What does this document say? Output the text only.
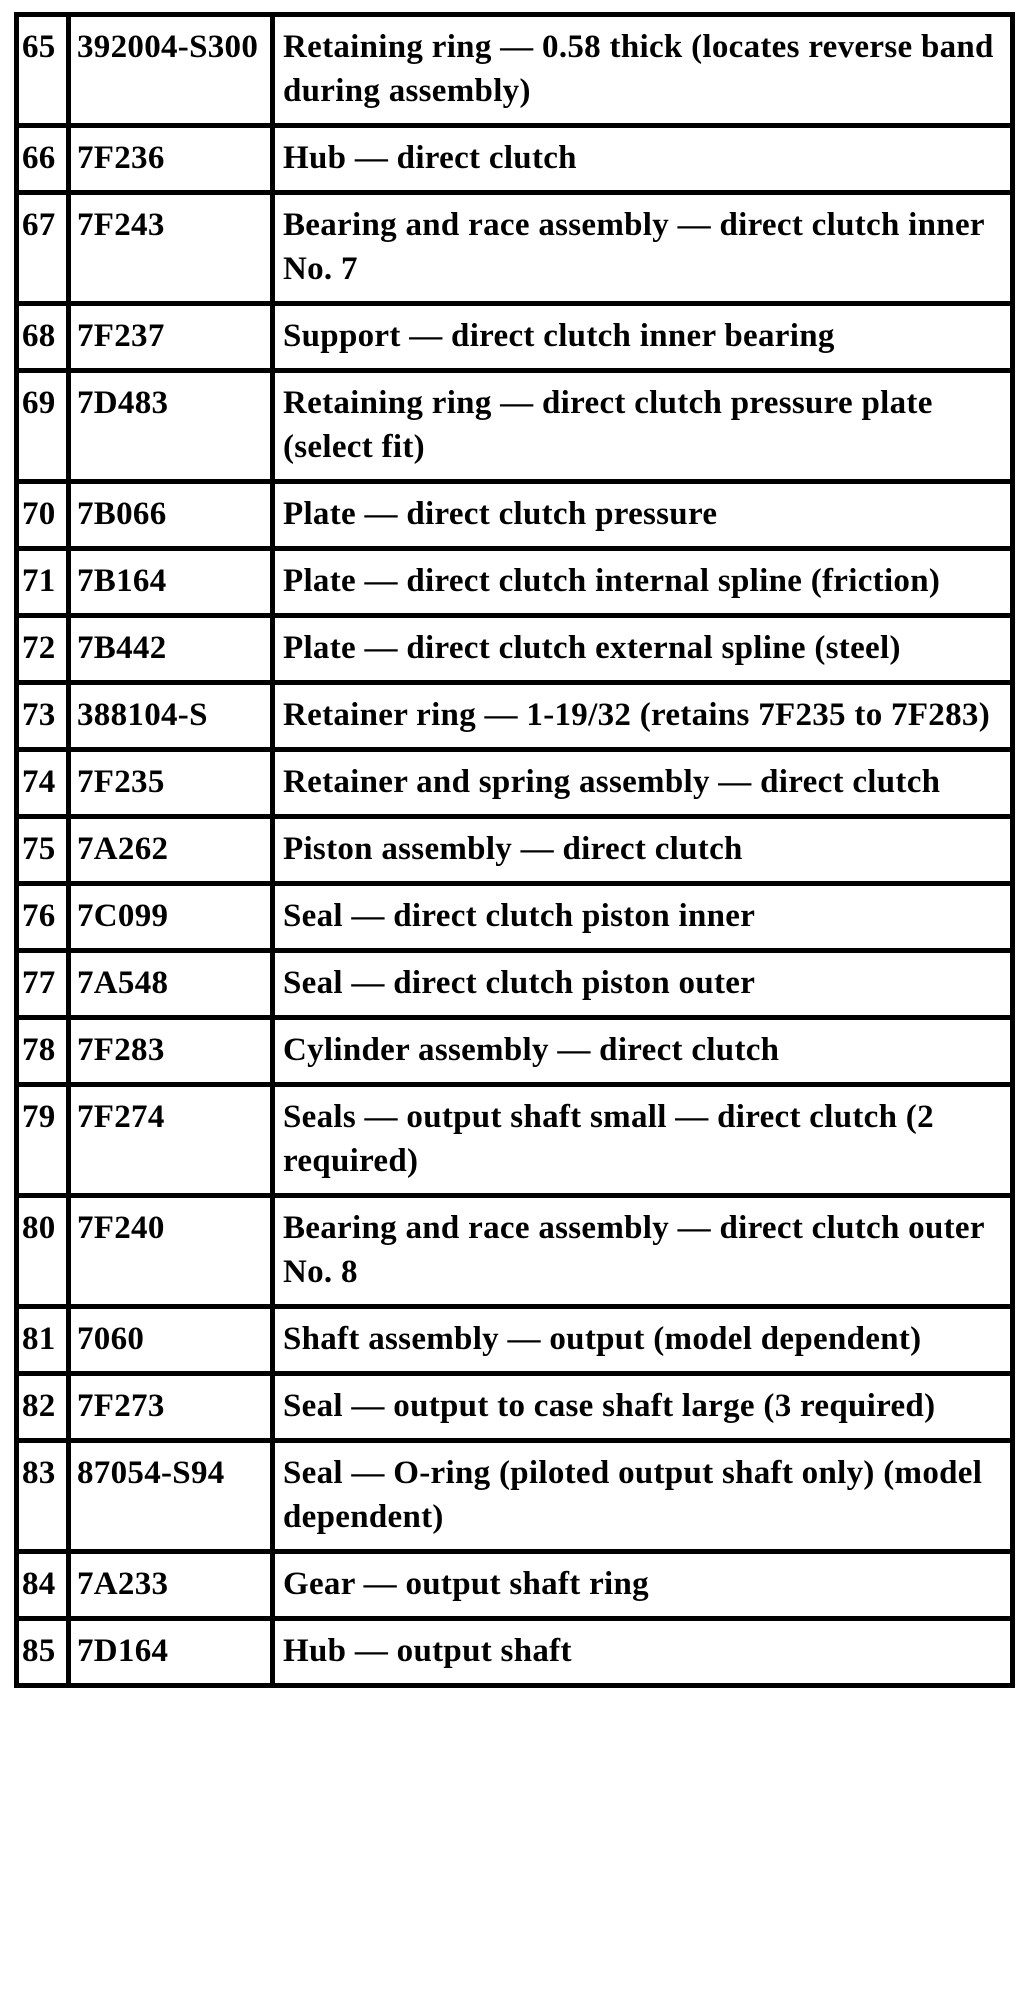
65	392004-S300	Retaining ring — 0.58 thick (locates reverse band during assembly)
66	7F236	Hub — direct clutch
67	7F243	Bearing and race assembly — direct clutch inner No. 7
68	7F237	Support — direct clutch inner bearing
69	7D483	Retaining ring — direct clutch pressure plate (select fit)
70	7B066	Plate — direct clutch pressure
71	7B164	Plate — direct clutch internal spline (friction)
72	7B442	Plate — direct clutch external spline (steel)
73	388104-S	Retainer ring — 1-19/32 (retains 7F235 to 7F283)
74	7F235	Retainer and spring assembly — direct clutch
75	7A262	Piston assembly — direct clutch
76	7C099	Seal — direct clutch piston inner
77	7A548	Seal — direct clutch piston outer
78	7F283	Cylinder assembly — direct clutch
79	7F274	Seals — output shaft small — direct clutch (2 required)
80	7F240	Bearing and race assembly — direct clutch outer No. 8
81	7060	Shaft assembly — output (model dependent)
82	7F273	Seal — output to case shaft large (3 required)
83	87054-S94	Seal — O-ring (piloted output shaft only) (model dependent)
84	7A233	Gear — output shaft ring
85	7D164	Hub — output shaft
